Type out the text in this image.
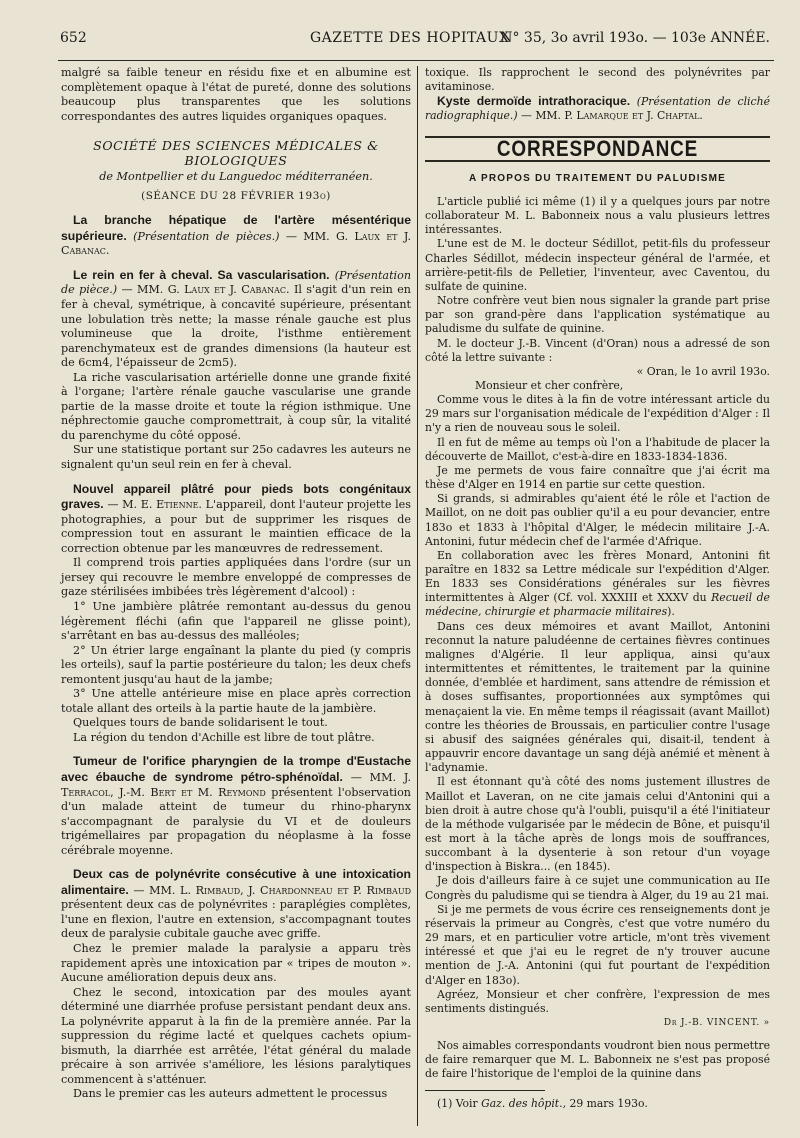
652	GAZETTE DES HOPITAUX
N° 35, 3o avril 193o. — 103e ANNÉE.

malgré sa faible teneur en résidu fixe et en albumine est complètement opaque à l'état de pureté, donne des solutions beaucoup plus transparentes que les solutions correspondantes des autres liquides organiques opaques.

SOCIÉTÉ DES SCIENCES MÉDICALES & BIOLOGIQUES

de Montpellier et du Languedoc méditerranéen.

(SÉANCE DU 28 FÉVRIER 193o)

La branche hépatique de l'artère mésentérique supérieure. (Présentation de pièces.) — MM. G. Laux et J. Cabanac.

Le rein en fer à cheval. Sa vascularisation. (Présentation de pièce.) — MM. G. Laux et J. Cabanac. Il s'agit d'un rein en fer à cheval, symétrique, à concavité supérieure, présentant une lobulation très nette; la masse rénale gauche est plus volumineuse que la droite, l'isthme entièrement parenchymateux est de grandes dimensions (la hauteur est de 6cm4, l'épaisseur de 2cm5).

La riche vascularisation artérielle donne une grande fixité à l'organe; l'artère rénale gauche vascularise une grande partie de la masse droite et toute la région isthmique. Une néphrectomie gauche compromettrait, à coup sûr, la vitalité du parenchyme du côté opposé.

Sur une statistique portant sur 25o cadavres les auteurs ne signalent qu'un seul rein en fer à cheval.

Nouvel appareil plâtré pour pieds bots congénitaux graves. — M. E. Etienne. L'appareil, dont l'auteur projette les photographies, a pour but de supprimer les risques de compression tout en assurant le maintien efficace de la correction obtenue par les manœuvres de redressement.

Il comprend trois parties appliquées dans l'ordre (sur un jersey qui recouvre le membre enveloppé de compresses de gaze stérilisées imbibées très légèrement d'alcool) :

1° Une jambière plâtrée remontant au-dessus du genou légèrement fléchi (afin que l'appareil ne glisse point), s'arrêtant en bas au-dessus des malléoles;

2° Un étrier large engaînant la plante du pied (y compris les orteils), sauf la partie postérieure du talon; les deux chefs remontent jusqu'au haut de la jambe;

3° Une attelle antérieure mise en place après correction totale allant des orteils à la partie haute de la jambière.

Quelques tours de bande solidarisent le tout.

La région du tendon d'Achille est libre de tout plâtre.

Tumeur de l'orifice pharyngien de la trompe d'Eustache avec ébauche de syndrome pétro-sphénoïdal. — MM. J. Terracol, J.-M. Bert et M. Reymond présentent l'observation d'un malade atteint de tumeur du rhino-pharynx s'accompagnant de paralysie du VI et de douleurs trigémellaires par propagation du néoplasme à la fosse cérébrale moyenne.

Deux cas de polynévrite consécutive à une intoxication alimentaire. — MM. L. Rimbaud, J. Chardonneau et P. Rimbaud présentent deux cas de polynévrites : paraplégies complètes, l'une en flexion, l'autre en extension, s'accompagnant toutes deux de paralysie cubitale gauche avec griffe.

Chez le premier malade la paralysie a apparu très rapidement après une intoxication par « tripes de mouton ». Aucune amélioration depuis deux ans.

Chez le second, intoxication par des moules ayant déterminé une diarrhée profuse persistant pendant deux ans. La polynévrite apparut à la fin de la première année. Par la suppression du régime lacté et quelques cachets opium-bismuth, la diarrhée est arrêtée, l'état général du malade précaire à son arrivée s'améliore, les lésions paralytiques commencent à s'atténuer.

Dans le premier cas les auteurs admettent le processus

toxique. Ils rapprochent le second des polynévrites par avitaminose.

Kyste dermoïde intrathoracique. (Présentation de cliché radiographique.) — MM. P. Lamarque et J. Chaptal.

CORRESPONDANCE

A PROPOS DU TRAITEMENT DU PALUDISME

L'article publié ici même (1) il y a quelques jours par notre collaborateur M. L. Babonneix nous a valu plusieurs lettres intéressantes.

L'une est de M. le docteur Sédillot, petit-fils du professeur Charles Sédillot, médecin inspecteur général de l'armée, et arrière-petit-fils de Pelletier, l'inventeur, avec Caventou, du sulfate de quinine.

Notre confrère veut bien nous signaler la grande part prise par son grand-père dans l'application systématique au paludisme du sulfate de quinine.

M. le docteur J.-B. Vincent (d'Oran) nous a adressé de son côté la lettre suivante :

« Oran, le 1o avril 193o.

Monsieur et cher confrère,

Comme vous le dites à la fin de votre intéressant article du 29 mars sur l'organisation médicale de l'expédition d'Alger : Il n'y a rien de nouveau sous le soleil.

Il en fut de même au temps où l'on a l'habitude de placer la découverte de Maillot, c'est-à-dire en 1833-1834-1836.

Je me permets de vous faire connaître que j'ai écrit ma thèse d'Alger en 1914 en partie sur cette question.

Si grands, si admirables qu'aient été le rôle et l'action de Maillot, on ne doit pas oublier qu'il a eu pour devancier, entre 183o et 1833 à l'hôpital d'Alger, le médecin militaire J.-A. Antonini, futur médecin chef de l'armée d'Afrique.

En collaboration avec les frères Monard, Antonini fit paraître en 1832 sa Lettre médicale sur l'expédition d'Alger. En 1833 ses Considérations générales sur les fièvres intermittentes à Alger (Cf. vol. XXXIII et XXXV du Recueil de médecine, chirurgie et pharmacie militaires).

Dans ces deux mémoires et avant Maillot, Antonini reconnut la nature paludéenne de certaines fièvres continues malignes d'Algérie. Il leur appliqua, ainsi qu'aux intermittentes et rémittentes, le traitement par la quinine donnée, d'emblée et hardiment, sans attendre de rémission et à doses suffisantes, proportionnées aux symptômes qui menaçaient la vie. En même temps il réagissait (avant Maillot) contre les théories de Broussais, en particulier contre l'usage si abusif des saignées générales qui, disait-il, tendent à appauvrir encore davantage un sang déjà anémié et mènent à l'adynamie.

Il est étonnant qu'à côté des noms justement illustres de Maillot et Laveran, on ne cite jamais celui d'Antonini qui a bien droit à autre chose qu'à l'oubli, puisqu'il a été l'initiateur de la méthode vulgarisée par le médecin de Bône, et puisqu'il est mort à la tâche après de longs mois de souffrances, succombant à la dysenterie à son retour d'un voyage d'inspection à Biskra... (en 1845).

Je dois d'ailleurs faire à ce sujet une communication au IIe Congrès du paludisme qui se tiendra à Alger, du 19 au 21 mai.

Si je me permets de vous écrire ces renseignements dont je réservais la primeur au Congrès, c'est que votre numéro du 29 mars, et en particulier votre article, m'ont très vivement intéressé et que j'ai eu le regret de n'y trouver aucune mention de J.-A. Antonini (qui fut pourtant de l'expédition d'Alger en 183o).

Agréez, Monsieur et cher confrère, l'expression de mes sentiments distingués.

Dr J.-B. VINCENT. »

Nos aimables correspondants voudront bien nous permettre de faire remarquer que M. L. Babonneix ne s'est pas proposé de faire l'historique de l'emploi de la quinine dans

(1) Voir Gaz. des hôpit., 29 mars 193o.
